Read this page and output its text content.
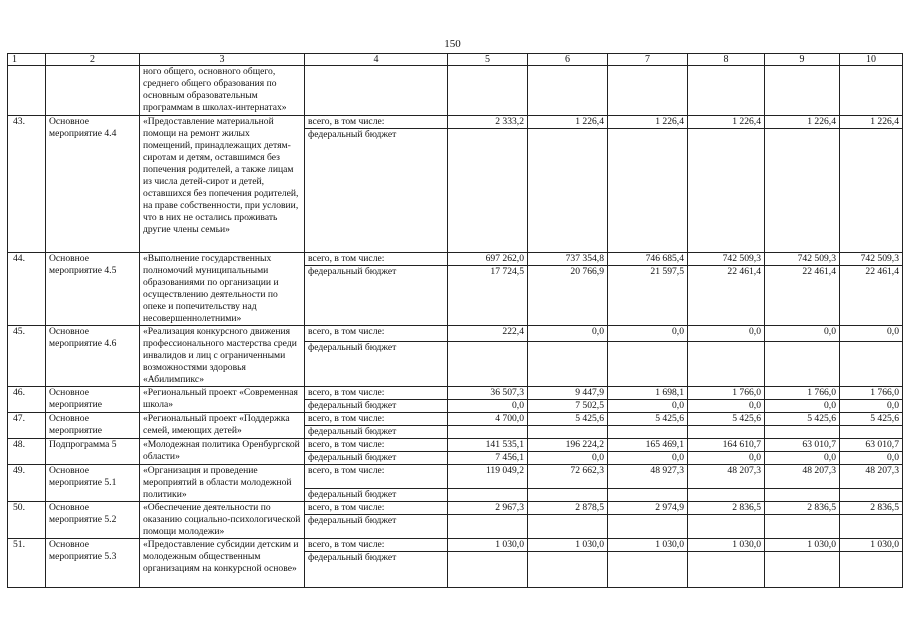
150
1	2	3	4	5	6	7	8	9	10
		ного общего, основного общего, среднего общего образования по основным образовательным программам в школах-интернатах»							
43.	Основное мероприятие 4.4	«Предоставление материальной помощи на ремонт жилых помещений, принадлежащих детям-сиротам и детям, оставшимся без попечения родителей, а также лицам из числа детей-сирот и детей, оставшихся без попечения родителей, на праве собственности, при условии, что в них не остались проживать другие члены семьи»	всего, в том числе:	2 333,2	1 226,4	1 226,4	1 226,4	1 226,4	1 226,4
			федеральный бюджет						
44.	Основное мероприятие 4.5	«Выполнение государственных полномочий муниципальными образованиями по организации и осуществлению деятельности по опеке и попечительству над несовершеннолетними»	всего, в том числе:	697 262,0	737 354,8	746 685,4	742 509,3	742 509,3	742 509,3
			федеральный бюджет	17 724,5	20 766,9	21 597,5	22 461,4	22 461,4	22 461,4
45.	Основное мероприятие 4.6	«Реализация конкурсного движения профессионального мастерства среди инвалидов и лиц с ограниченными возможностями здоровья «Абилимпикс»	всего, в том числе:	222,4	0,0	0,0	0,0	0,0	0,0
			федеральный бюджет						
46.	Основное мероприятие	«Региональный проект «Современная школа»	всего, в том числе:	36 507,3	9 447,9	1 698,1	1 766,0	1 766,0	1 766,0
			федеральный бюджет	0,0	7 502,5	0,0	0,0	0,0	0,0
47.	Основное мероприятие	«Региональный проект «Поддержка семей, имеющих детей»	всего, в том числе:	4 700,0	5 425,6	5 425,6	5 425,6	5 425,6	5 425,6
			федеральный бюджет						
48.	Подпрограмма 5	«Молодежная политика Оренбургской области»	всего, в том числе:	141 535,1	196 224,2	165 469,1	164 610,7	63 010,7	63 010,7
			федеральный бюджет	7 456,1	0,0	0,0	0,0	0,0	0,0
49.	Основное мероприятие 5.1	«Организация и проведение мероприятий в области молодежной политики»	всего, в том числе:	119 049,2	72 662,3	48 927,3	48 207,3	48 207,3	48 207,3
			федеральный бюджет						
50.	Основное мероприятие 5.2	«Обеспечение деятельности по оказанию социально-психологической помощи молодежи»	всего, в том числе:	2 967,3	2 878,5	2 974,9	2 836,5	2 836,5	2 836,5
			федеральный бюджет						
51.	Основное мероприятие 5.3	«Предоставление субсидии детским и молодежным общественным организациям на конкурсной основе»	всего, в том числе:	1 030,0	1 030,0	1 030,0	1 030,0	1 030,0	1 030,0
			федеральный бюджет						
